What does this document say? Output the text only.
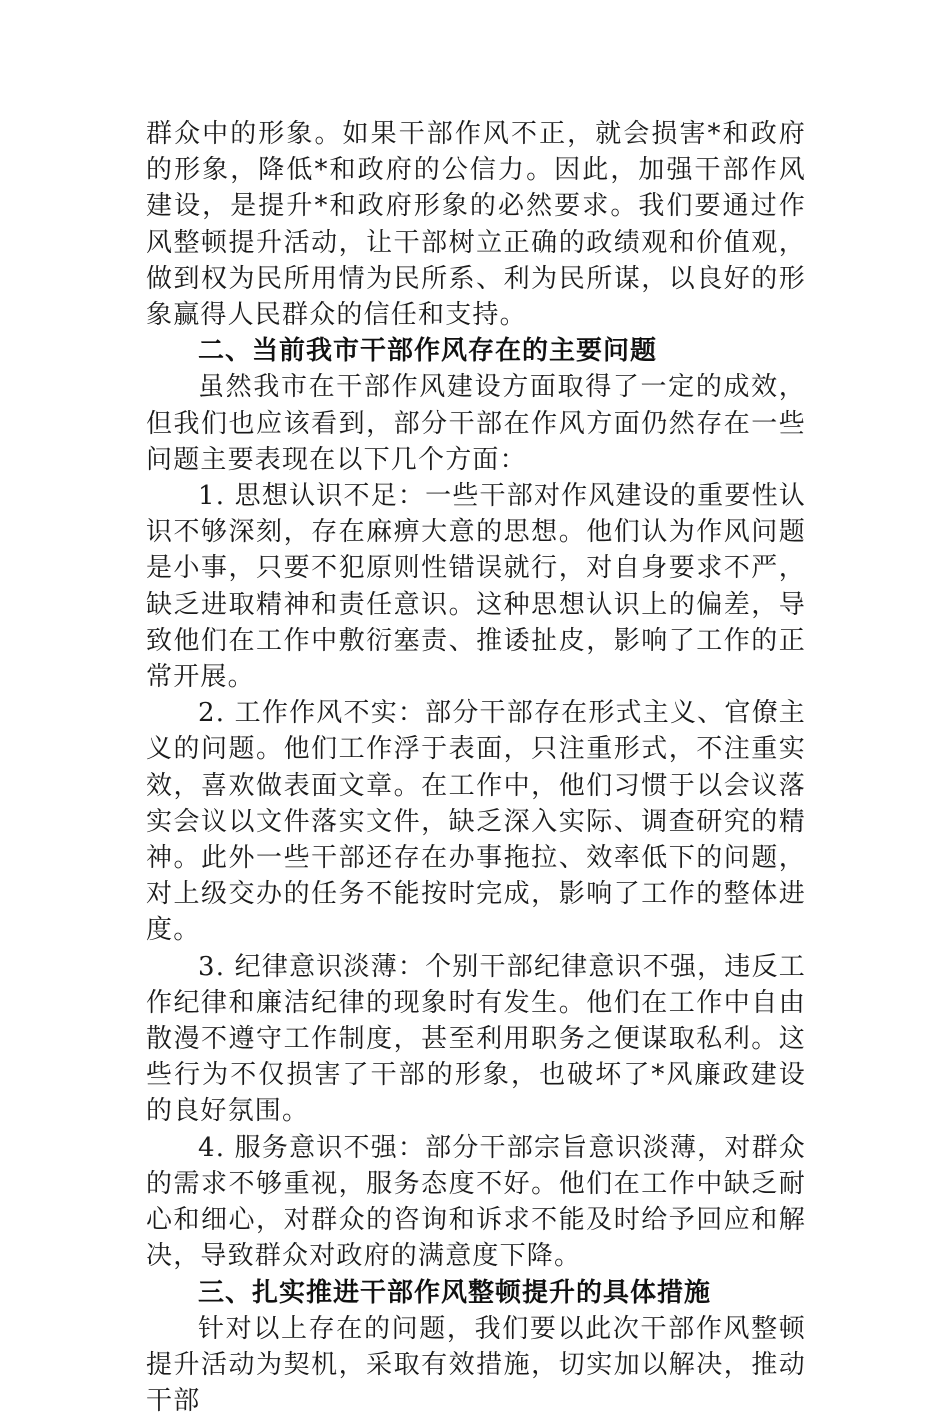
群众中的形象。如果干部作风不正，就会损害*和政府的形象，降低*和政府的公信力。因此，加强干部作风建设，是提升*和政府形象的必然要求。我们要通过作风整顿提升活动，让干部树立正确的政绩观和价值观，做到权为民所用情为民所系、利为民所谋，以良好的形象赢得人民群众的信任和支持。

二、当前我市干部作风存在的主要问题

虽然我市在干部作风建设方面取得了一定的成效，但我们也应该看到，部分干部在作风方面仍然存在一些问题主要表现在以下几个方面：

1. 思想认识不足：一些干部对作风建设的重要性认识不够深刻，存在麻痹大意的思想。他们认为作风问题是小事，只要不犯原则性错误就行，对自身要求不严，缺乏进取精神和责任意识。这种思想认识上的偏差，导致他们在工作中敷衍塞责、推诿扯皮，影响了工作的正常开展。

2. 工作作风不实：部分干部存在形式主义、官僚主义的问题。他们工作浮于表面，只注重形式，不注重实效，喜欢做表面文章。在工作中，他们习惯于以会议落实会议以文件落实文件，缺乏深入实际、调查研究的精神。此外一些干部还存在办事拖拉、效率低下的问题，对上级交办的任务不能按时完成，影响了工作的整体进度。

3. 纪律意识淡薄：个别干部纪律意识不强，违反工作纪律和廉洁纪律的现象时有发生。他们在工作中自由散漫不遵守工作制度，甚至利用职务之便谋取私利。这些行为不仅损害了干部的形象，也破坏了*风廉政建设的良好氛围。

4. 服务意识不强：部分干部宗旨意识淡薄，对群众的需求不够重视，服务态度不好。他们在工作中缺乏耐心和细心，对群众的咨询和诉求不能及时给予回应和解决，导致群众对政府的满意度下降。

三、扎实推进干部作风整顿提升的具体措施

针对以上存在的问题，我们要以此次干部作风整顿提升活动为契机，采取有效措施，切实加以解决，推动干部
